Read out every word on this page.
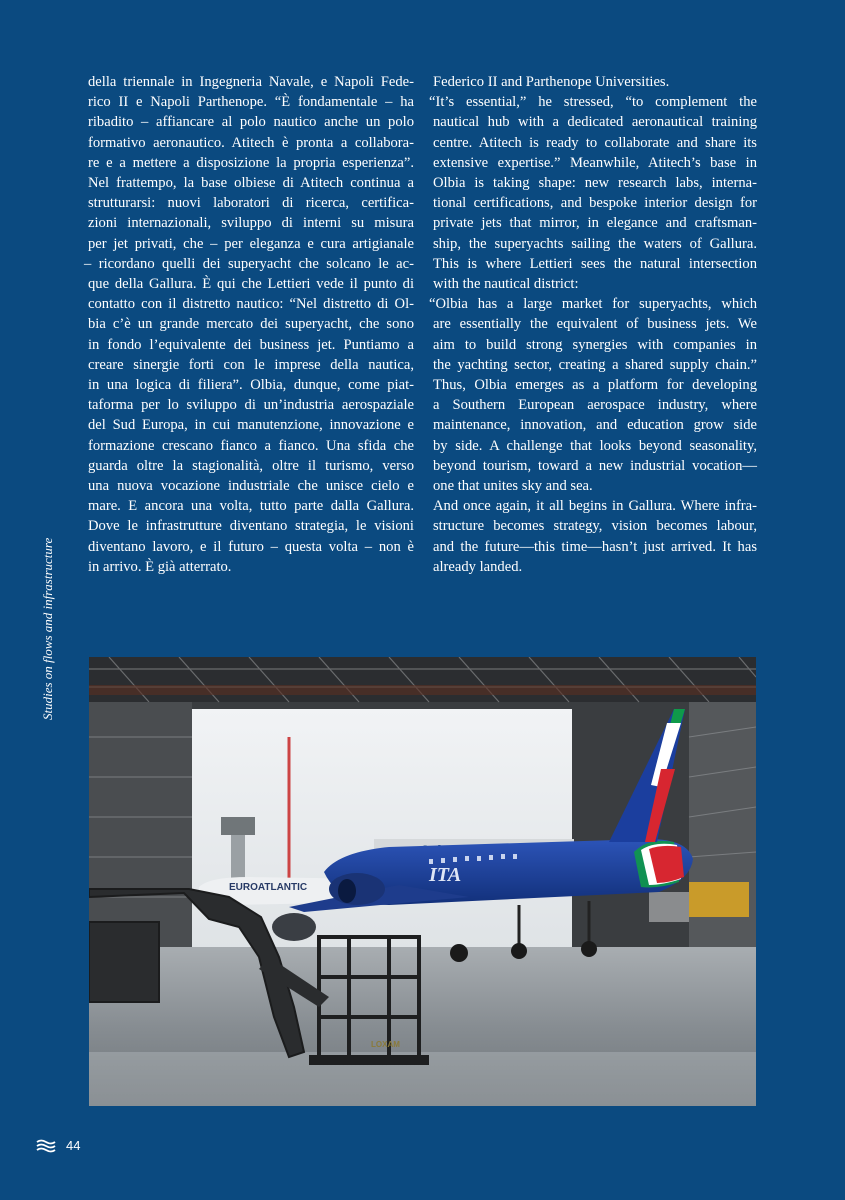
Studies on flows and infrastructure
della triennale in Ingegneria Navale, e Napoli Fede-
rico II e Napoli Parthenope. “È fondamentale – ha
ribadito – affiancare al polo nautico anche un polo
formativo aeronautico. Atitech è pronta a collabora-
re e a mettere a disposizione la propria esperienza”.
Nel frattempo, la base olbiese di Atitech continua a
strutturarsi: nuovi laboratori di ricerca, certifica-
zioni internazionali, sviluppo di interni su misura
per jet privati, che – per eleganza e cura artigianale
– ricordano quelli dei superyacht che solcano le ac-
que della Gallura. È qui che Lettieri vede il punto di
contatto con il distretto nautico: “Nel distretto di Ol-
bia c’è un grande mercato dei superyacht, che sono
in fondo l’equivalente dei business jet. Puntiamo a
creare sinergie forti con le imprese della nautica,
in una logica di filiera”. Olbia, dunque, come piat-
taforma per lo sviluppo di un’industria aerospaziale
del Sud Europa, in cui manutenzione, innovazione e
formazione crescano fianco a fianco. Una sfida che
guarda oltre la stagionalità, oltre il turismo, verso
una nuova vocazione industriale che unisce cielo e
mare. E ancora una volta, tutto parte dalla Gallura.
Dove le infrastrutture diventano strategia, le visioni
diventano lavoro, e il futuro – questa volta – non è
in arrivo. È già atterrato.
Federico II and Parthenope Universities.
“It’s essential,” he stressed, “to complement the
nautical hub with a dedicated aeronautical training
centre. Atitech is ready to collaborate and share its
extensive expertise.” Meanwhile, Atitech’s base in
Olbia is taking shape: new research labs, interna-
tional certifications, and bespoke interior design for
private jets that mirror, in elegance and craftsman-
ship, the superyachts sailing the waters of Gallura.
This is where Lettieri sees the natural intersection
with the nautical district:
“Olbia has a large market for superyachts, which
are essentially the equivalent of business jets. We
aim to build strong synergies with companies in
the yachting sector, creating a shared supply chain.”
Thus, Olbia emerges as a platform for developing
a Southern European aerospace industry, where
maintenance, innovation, and education grow side
by side. A challenge that looks beyond seasonality,
beyond tourism, toward a new industrial vocation—
one that unites sky and sea.
And once again, it all begins in Gallura. Where infra-
structure becomes strategy, vision becomes labour,
and the future—this time—hasn’t just arrived. It has
already landed.
EUROATLANTIC
ITA
LOXAM
44
